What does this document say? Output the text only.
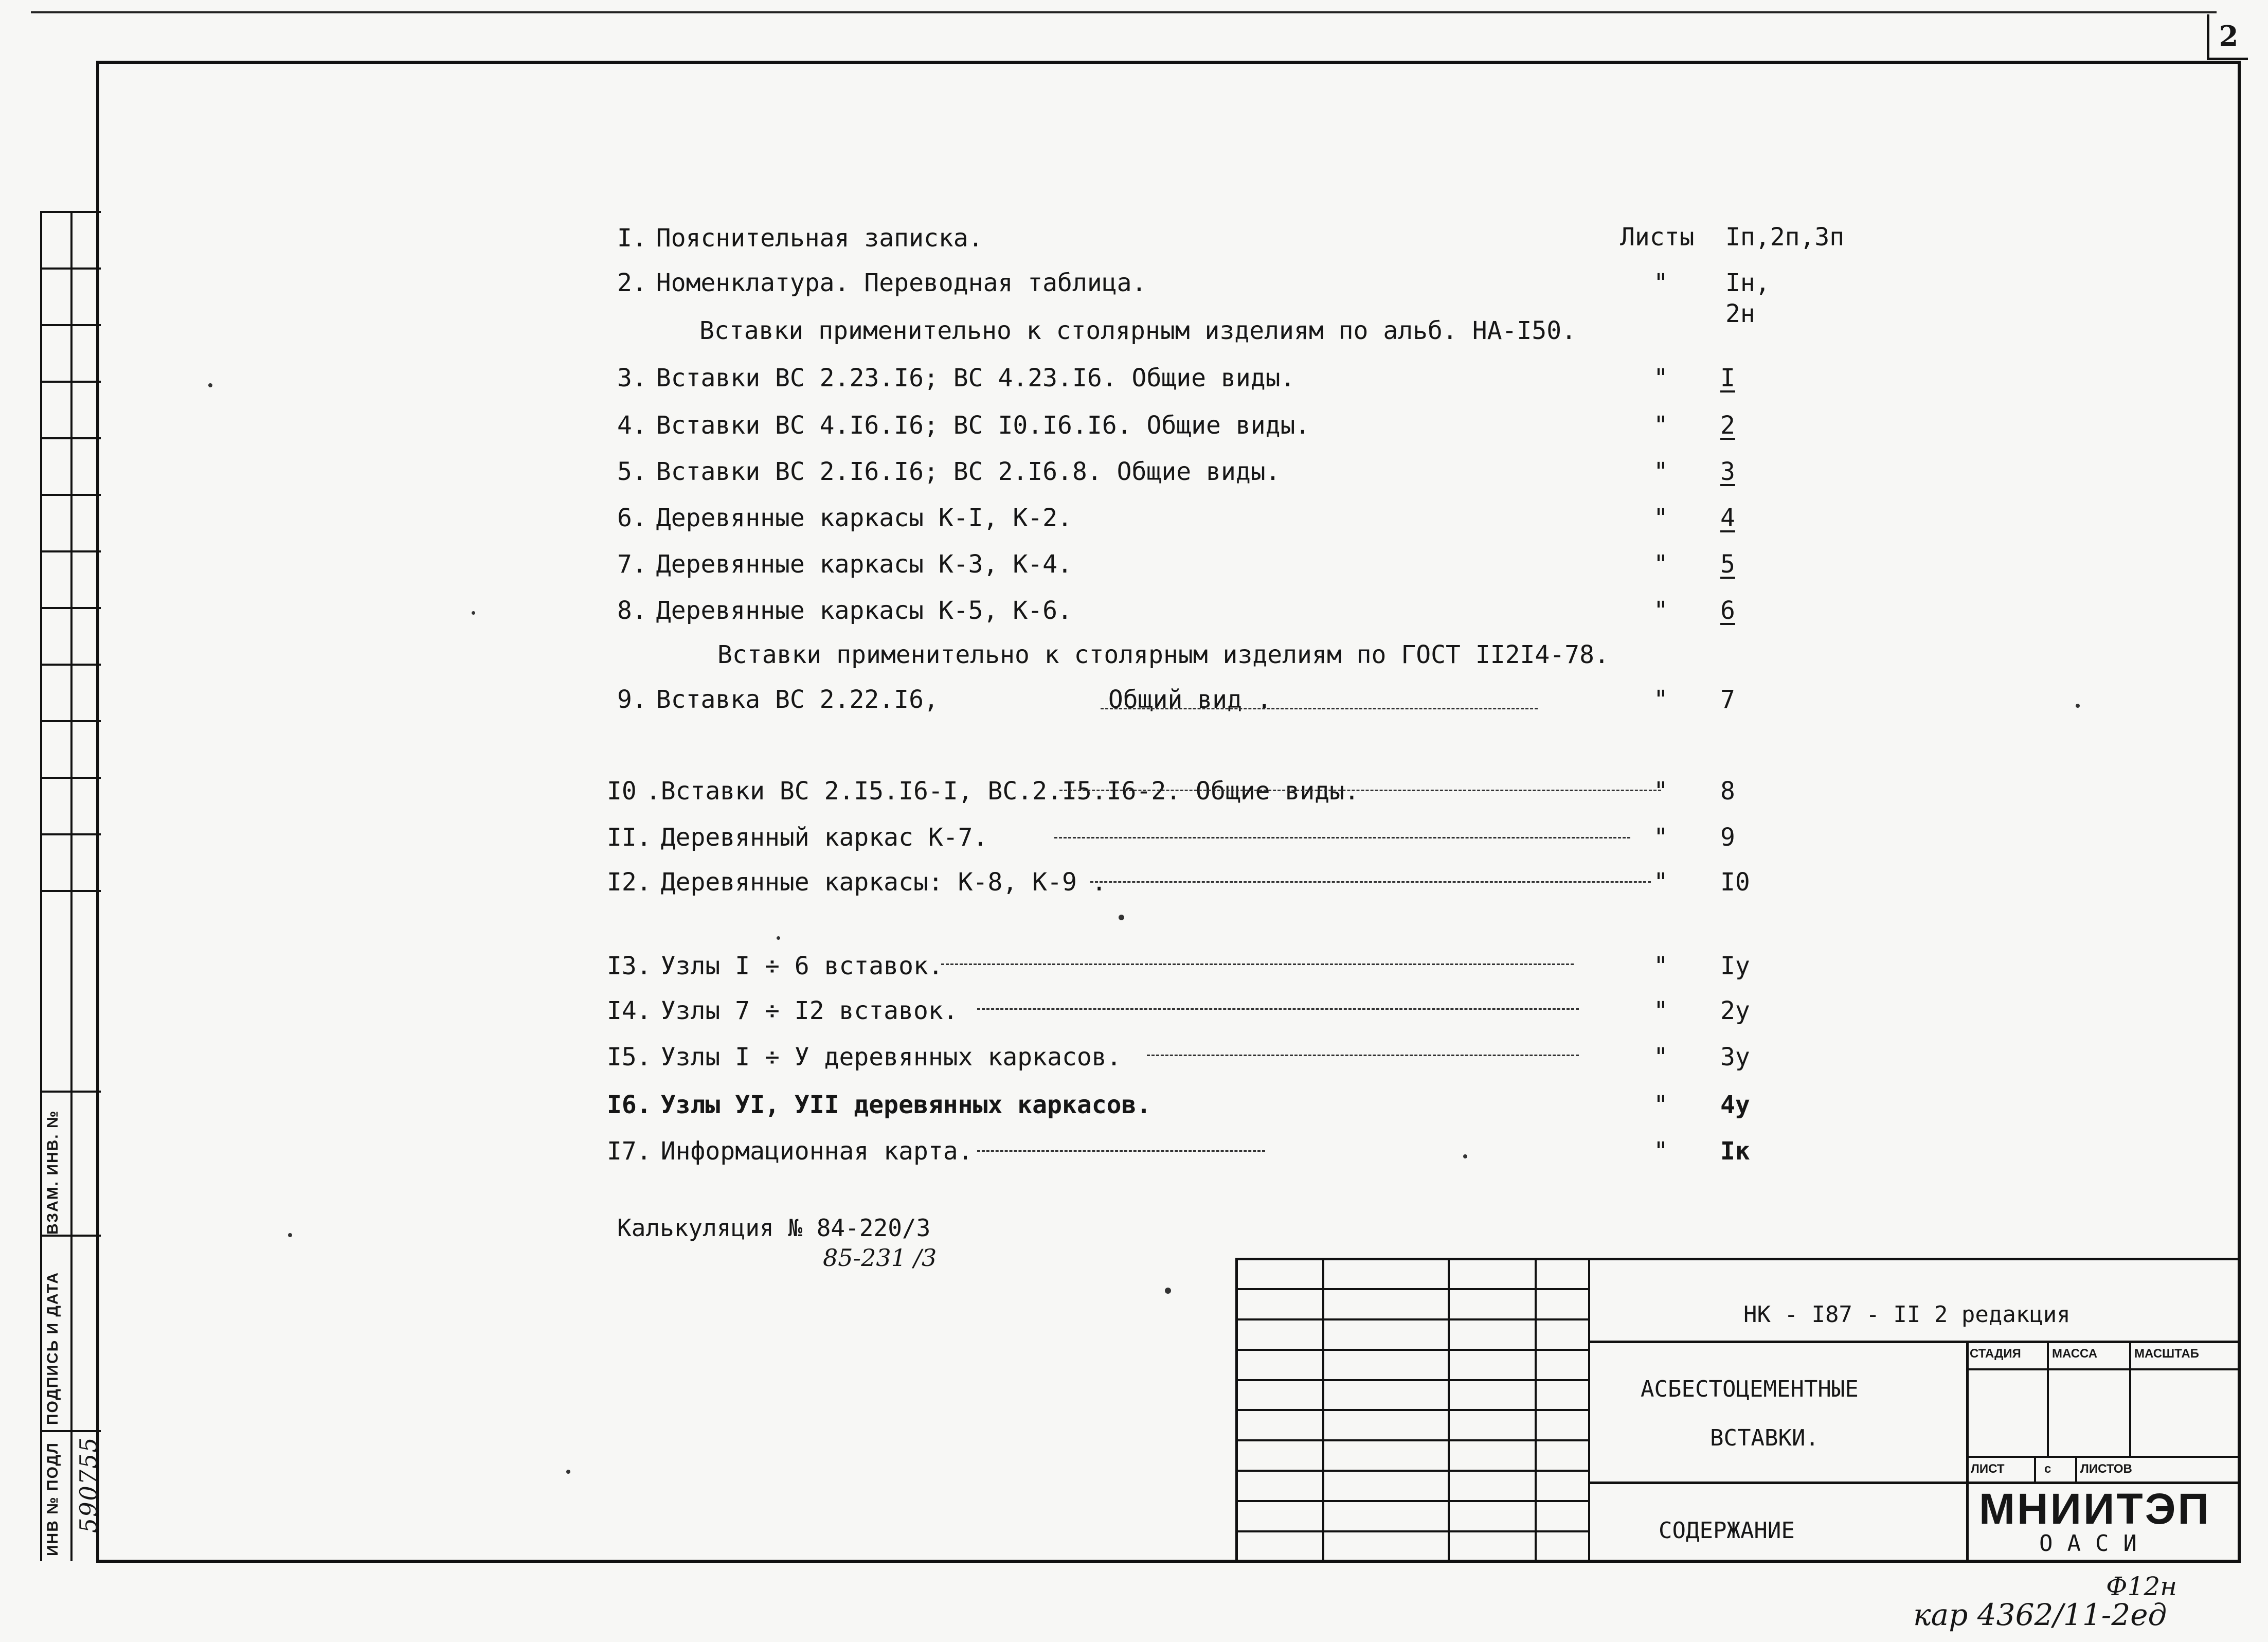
2
ВЗАМ. ИНВ. №
ПОДПИСЬ И ДАТА
ИНВ № ПОДЛ 590755
Листы Iп,2п,3п
I. Пояснительная записка.
2. Номенклатура. Переводная таблица.	" Iн, 2н
Вставки применительно к столярным изделиям по альб. НА-I50.
3. Вставки ВС 2.23.I6; ВС 4.23.I6. Общие виды.	" I
4. Вставки ВС 4.I6.I6; ВС I0.I6.I6. Общие виды.	" 2
5. Вставки ВС 2.I6.I6; ВС 2.I6.8. Общие виды.	" 3
6. Деревянные каркасы К-I, К-2.	" 4
7. Деревянные каркасы К-3, К-4.	" 5
8. Деревянные каркасы К-5, К-6.	" 6
Вставки применительно к столярным изделиям по ГОСТ II2I4-78.
9. Вставка ВС 2.22.I6,	Общий вид .	" 7
I0 .Вставки ВС 2.I5.I6-I, ВС.2.I5.I6-2. Общие виды.	" 8
II. Деревянный каркас К-7.	" 9
I2. Деревянные каркасы: К-8, К-9 .	" I0
I3. Узлы I ÷ 6 вставок.	" Iу
I4. Узлы 7 ÷ I2 вставок.	" 2у
I5. Узлы I ÷ У деревянных каркасов.	" 3у
I6. Узлы УI, УII деревянных каркасов.	" 4у
I7. Информационная карта.	" Iк
Калькуляция № 84-220/3
85-231 /3

НК - I87 - II 2 редакция
АСБЕСТОЦЕМЕНТНЫЕ
ВСТАВКИ.
СОДЕРЖАНИЕ
СТАДИЯ	МАССА	МАСШТАБ
ЛИСТ	с ЛИСТОВ
МНИИТЭП
ОАСИ
Ф12н
кар 4362/11-2ед
